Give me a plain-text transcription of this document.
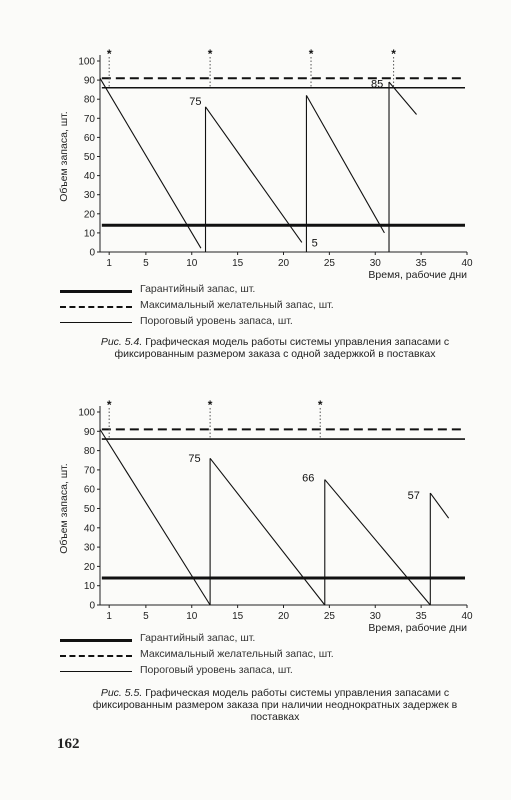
0
10
20
30
40
50
60
70
80
90
100
1	5	10	15	20	25	30	35	40
Объем запаса, шт.
Время, рабочие дни
*	*	*	*
75
5
85
Гарантийный запас, шт.
Максимальный желательный запас, шт.
Пороговый уровень запаса, шт.
Рис. 5.4. Графическая модель работы системы управления запасами с фиксированным размером заказа с одной задержкой в поставках
0
10
20
30
40
50
60
70
80
90
100
1	5	10	15	20	25	30	35	40
Объем запаса, шт.
Время, рабочие дни
*	*	*
75
66
57
Гарантийный запас, шт.
Максимальный желательный запас, шт.
Пороговый уровень запаса, шт.
Рис. 5.5. Графическая модель работы системы управления запасами с фиксированным размером заказа при наличии неоднократных задержек в поставках
162
